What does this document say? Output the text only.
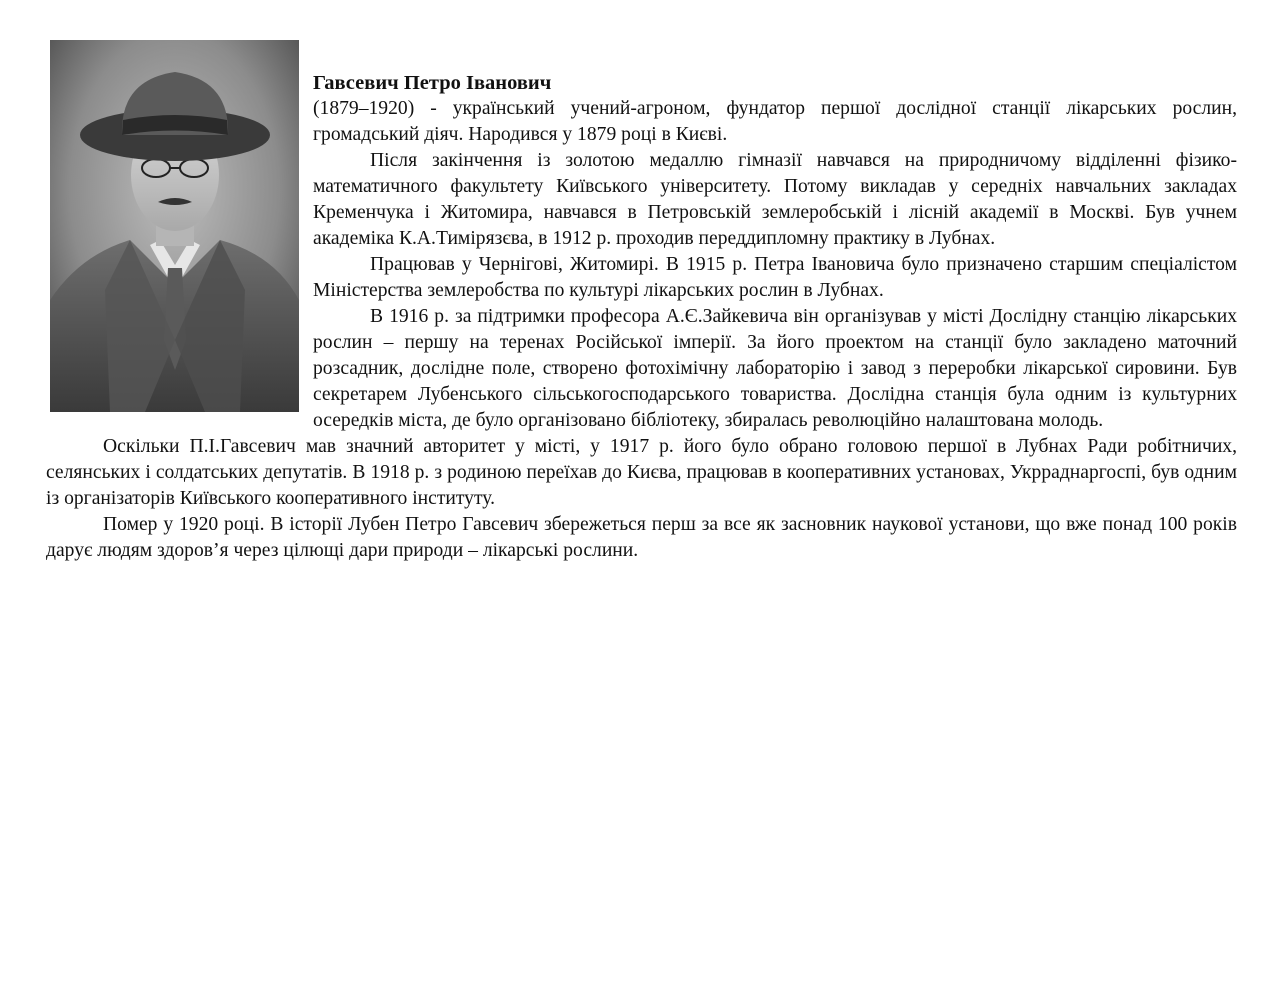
Гавсевич Петро Іванович

(1879–1920) - український учений-агроном, фундатор першої дослідної станції лікарських рослин, громадський діяч. Народився у 1879 році в Києві.

Після закінчення із золотою медаллю гімназії навчався на природничому відділенні фізико-математичного факультету Київського університету. Потому викладав у середніх навчальних закладах Кременчука і Житомира, навчався в Петровській землеробській і лісній академії в Москві. Був учнем академіка К.А.Тимірязєва, в 1912 р. проходив переддипломну практику в Лубнах.

Працював у Чернігові, Житомирі. В 1915 р. Петра Івановича було призначено старшим спеціалістом Міністерства землеробства по культурі лікарських рослин в Лубнах.

В 1916 р. за підтримки професора А.Є.Зайкевича він організував у місті Дослідну станцію лікарських рослин – першу на теренах Російської імперії. За його проектом на станції було закладено маточний розсадник, дослідне поле, створено фотохімічну лабораторію і завод з переробки лікарської сировини. Був секретарем Лубенського сільськогосподарського товариства. Дослідна станція була одним із культурних осередків міста, де було організовано бібліотеку, збиралась революційно налаштована молодь.

Оскільки П.І.Гавсевич мав значний авторитет у місті, у 1917 р. його було обрано головою першої в Лубнах Ради робітничих, селянських і солдатських депутатів. В 1918 р. з родиною переїхав до Києва, працював в кооперативних установах, Укрраднаргоспі, був одним із організаторів Київського кооперативного інституту.

Помер у 1920 році. В історії Лубен Петро Гавсевич збережеться перш за все як засновник наукової установи, що вже понад 100 років дарує людям здоров’я через цілющі дари природи – лікарські рослини.
